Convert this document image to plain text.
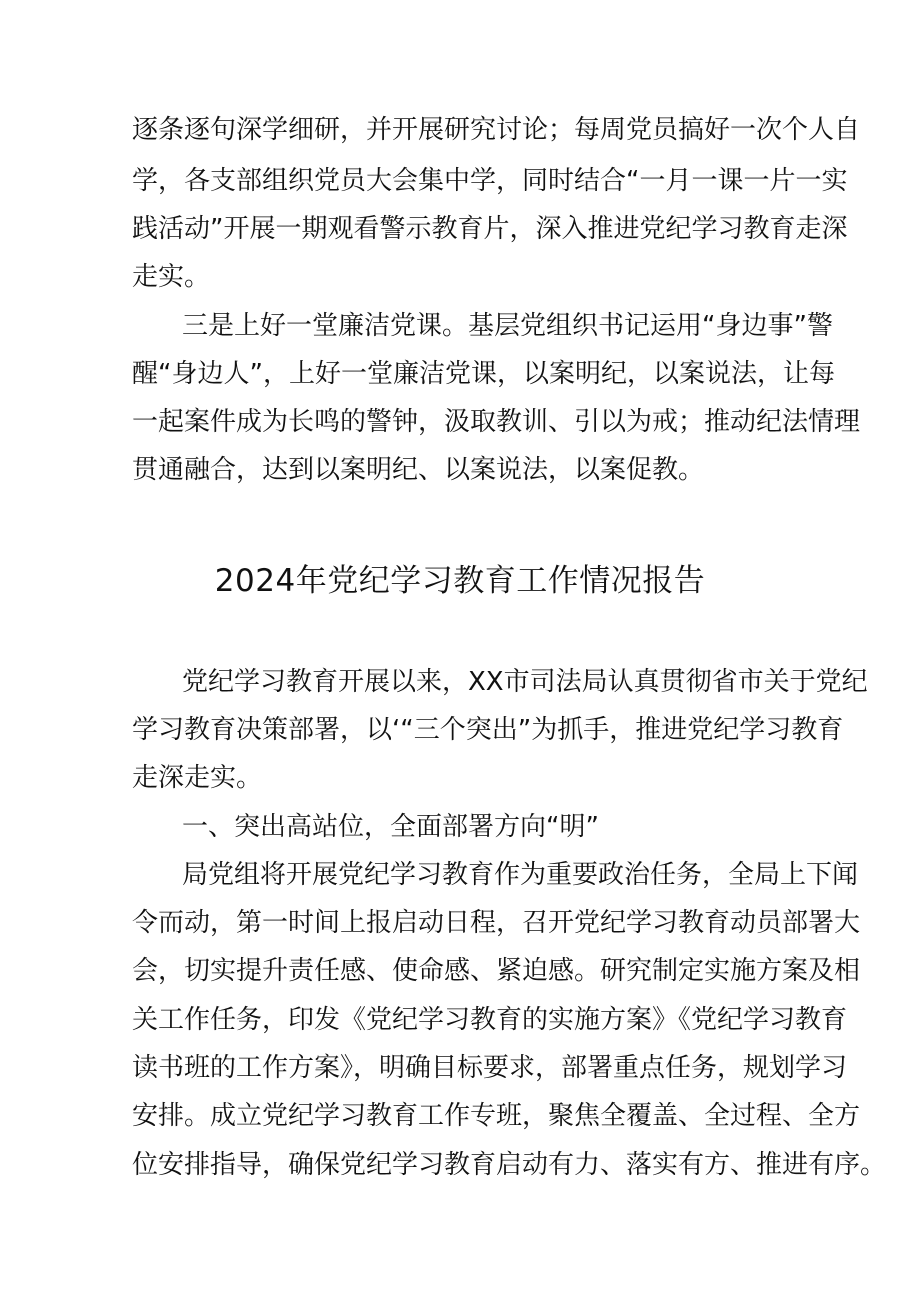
逐条逐句深学细研，并开展研究讨论；每周党员搞好一次个人自
学，各支部组织党员大会集中学，同时结合“一月一课一片一实
践活动”开展一期观看警示教育片，深入推进党纪学习教育走深
走实。
三是上好一堂廉洁党课。基层党组织书记运用“身边事”警
醒“身边人”，上好一堂廉洁党课，以案明纪，以案说法，让每
一起案件成为长鸣的警钟，汲取教训、引以为戒；推动纪法情理
贯通融合，达到以案明纪、以案说法，以案促教。
2024年党纪学习教育工作情况报告
党纪学习教育开展以来，XX市司法局认真贯彻省市关于党纪
学习教育决策部署，以‘“三个突出”为抓手，推进党纪学习教育
走深走实。
一、突出高站位，全面部署方向“明”
局党组将开展党纪学习教育作为重要政治任务，全局上下闻
令而动，第一时间上报启动日程，召开党纪学习教育动员部署大
会，切实提升责任感、使命感、紧迫感。研究制定实施方案及相
关工作任务，印发《党纪学习教育的实施方案》《党纪学习教育
读书班的工作方案》，明确目标要求，部署重点任务，规划学习
安排。成立党纪学习教育工作专班，聚焦全覆盖、全过程、全方
位安排指导，确保党纪学习教育启动有力、落实有方、推进有序。
